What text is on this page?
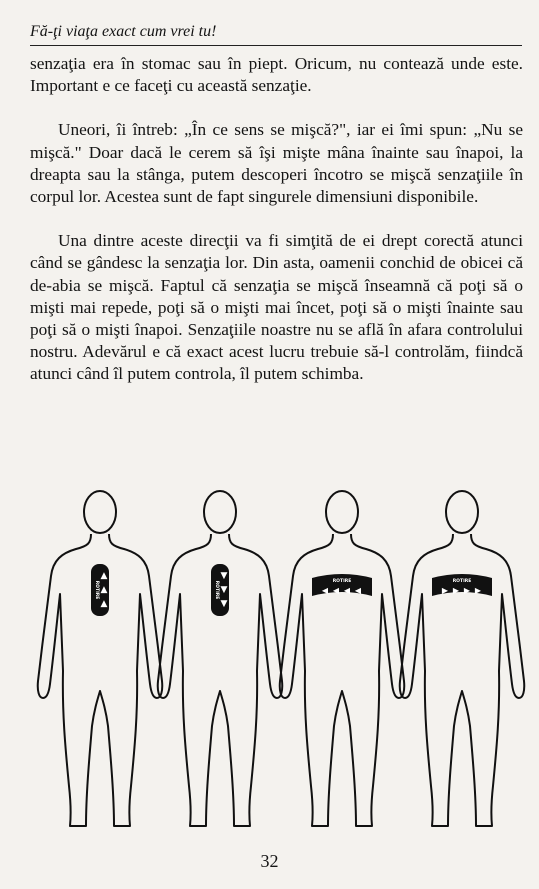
Fă-ţi viaţa exact cum vrei tu!

senzaţia era în stomac sau în piept. Oricum, nu contează unde este. Important e ce faceţi cu această senzaţie.

Uneori, îi întreb: „În ce sens se mişcă?", iar ei îmi spun: „Nu se mişcă." Doar dacă le cerem să îşi mişte mâna înainte sau înapoi, la dreapta sau la stânga, putem descoperi încotro se mişcă senzaţiile în corpul lor. Acestea sunt de fapt singurele dimensiuni disponibile.

Una dintre aceste direcţii va fi simţită de ei drept corectă atunci când se gândesc la senzaţia lor. Din asta, oamenii conchid de obicei că de-abia se mişcă. Faptul că senzaţia se mişcă înseamnă că poţi să o mişti mai repede, poţi să o mişti mai încet, poţi să o mişti înainte sau poţi să o mişti înapoi. Senzaţiile noastre nu se află în afara controlului nostru. Adevărul e că exact acest lucru trebuie să-l controlăm, fiindcă atunci când îl putem controla, îl putem schimba.

▲
▲
▲
ROTIRE
▼
▼
▼
ROTIRE	◀ ◀ ◀ ◀
ROTIRE
▶ ▶ ▶ ▶
ROTIRE
32
